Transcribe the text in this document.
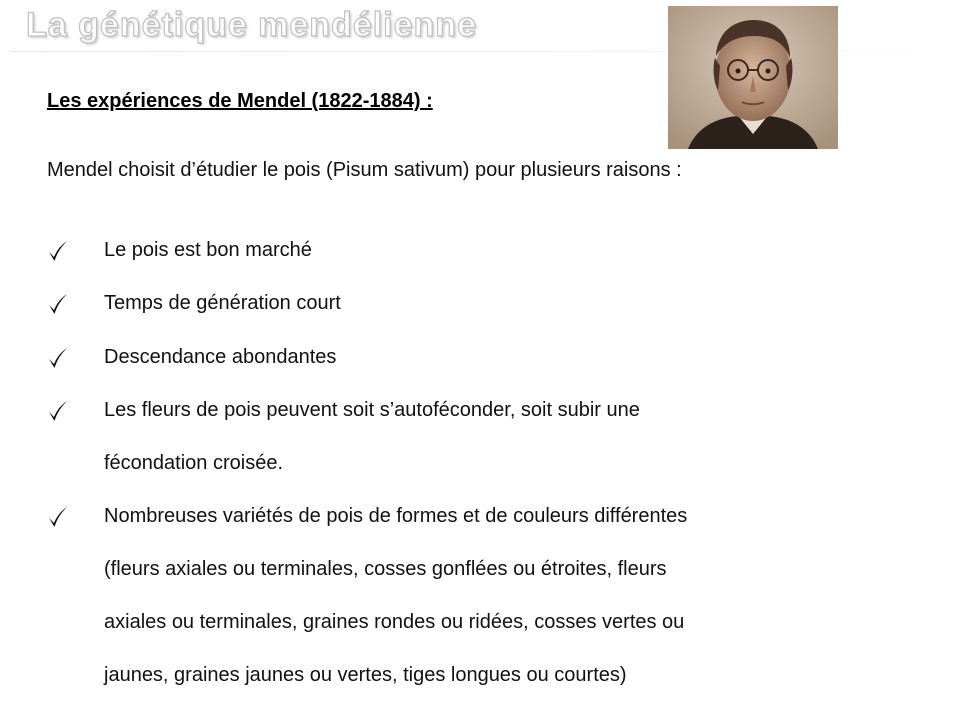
La génétique mendélienne
Les expériences de Mendel (1822-1884) :
Mendel choisit d’étudier le pois (Pisum sativum) pour plusieurs raisons :
Le pois est bon marché
Temps de génération court
Descendance abondantes
Les fleurs de pois peuvent soit s’autoféconder, soit subir une
fécondation croisée.
Nombreuses variétés de pois de formes et de couleurs différentes
(fleurs axiales ou terminales, cosses gonflées ou étroites, fleurs
axiales ou terminales, graines rondes ou ridées, cosses vertes ou
jaunes, graines jaunes ou vertes, tiges longues ou courtes)
